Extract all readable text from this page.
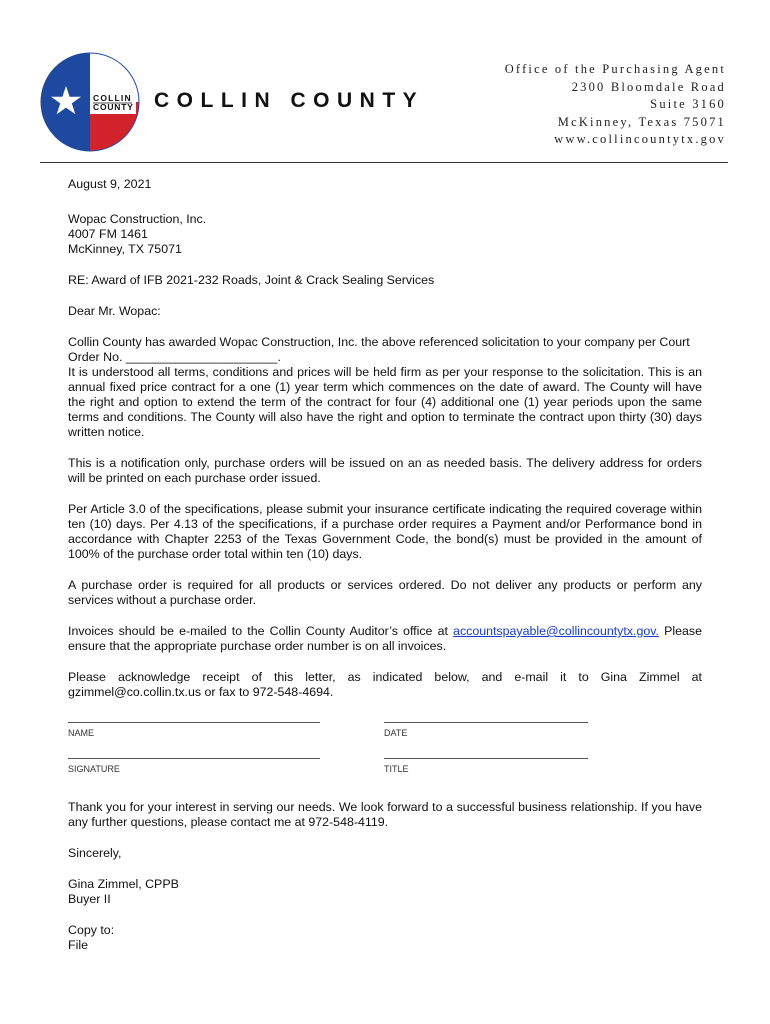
COLLIN
COUNTY COLLIN COUNTY
Office of the Purchasing Agent
2300 Bloomdale Road
Suite 3160
McKinney, Texas 75071
www.collincountytx.gov

August 9, 2021

Wopac Construction, Inc.

4007 FM 1461

McKinney, TX 75071

RE: Award of IFB 2021-232 Roads, Joint & Crack Sealing Services

Dear Mr. Wopac:

Collin County has awarded Wopac Construction, Inc. the above referenced solicitation to your company per Court
Order No. ______________________.
It is understood all terms, conditions and prices will be held firm as per your response to the solicitation. This is an annual fixed price contract for a one (1) year term which commences on the date of award. The County will have the right and option to extend the term of the contract for four (4) additional one (1) year periods upon the same terms and conditions. The County will also have the right and option to terminate the contract upon thirty (30) days written notice.

This is a notification only, purchase orders will be issued on an as needed basis. The delivery address for orders will be printed on each purchase order issued.

Per Article 3.0 of the specifications, please submit your insurance certificate indicating the required coverage within ten (10) days. Per 4.13 of the specifications, if a purchase order requires a Payment and/or Performance bond in accordance with Chapter 2253 of the Texas Government Code, the bond(s) must be provided in the amount of 100% of the purchase order total within ten (10) days.

A purchase order is required for all products or services ordered. Do not deliver any products or perform any services without a purchase order.

Invoices should be e-mailed to the Collin County Auditor’s office at accountspayable@collincountytx.gov. Please ensure that the appropriate purchase order number is on all invoices.

Please acknowledge receipt of this letter, as indicated below, and e-mail it to Gina Zimmel at gzimmel@co.collin.tx.us or fax to 972-548-4694.

NAME	DATE
SIGNATURE	TITLE

Thank you for your interest in serving our needs. We look forward to a successful business relationship. If you have any further questions, please contact me at 972-548-4119.

Sincerely,

Gina Zimmel, CPPB

Buyer II

Copy to:

File
